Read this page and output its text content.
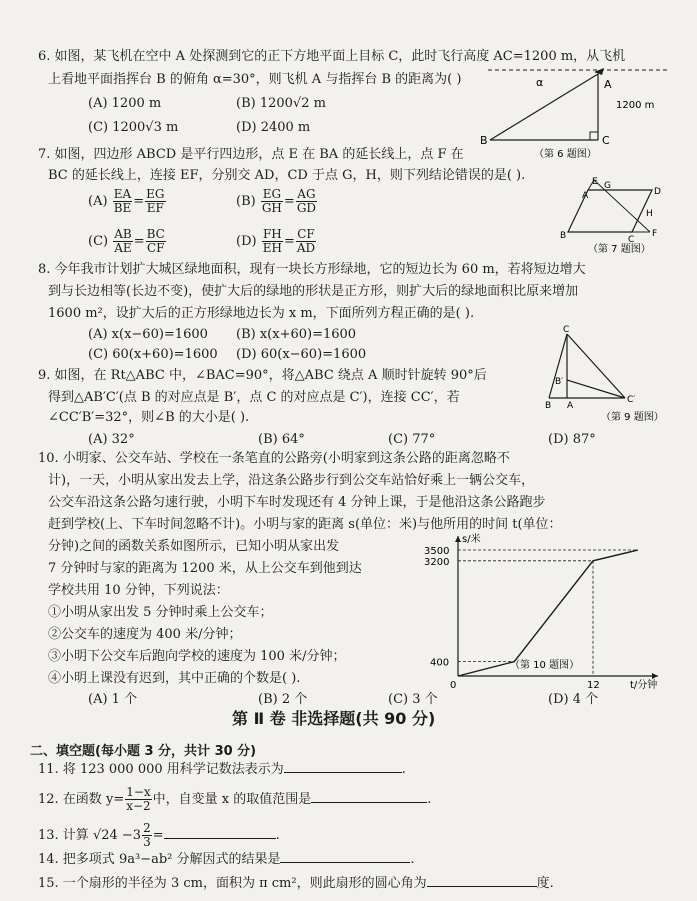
6. 如图，某飞机在空中 A 处探测到它的正下方地平面上目标 C，此时飞行高度 AC=1200 m，从飞机
上看地平面指挥台 B 的俯角 α=30°，则飞机 A 与指挥台 B 的距离为( )
(A) 1200 m	(B) 1200√2 m
(C) 1200√3 m	(D) 2400 m
α	A
B	C
1200 m
（第 6 题图）
7. 如图，四边形 ABCD 是平行四边形，点 E 在 BA 的延长线上，点 F 在
BC 的延长线上，连接 EF，分别交 AD，CD 于点 G，H，则下列结论错误的是( ).
$(A) \frac{EA}{BE} = \frac{EG}{EF}$	$(B) \frac{EG}{GH} = \frac{AG}{GD}$
$(C) \frac{AB}{AE} = \frac{BC}{CF}$	$(D) \frac{FH}{EH} = \frac{CF}{AD}$
E
A	D
G
H
B	C
F
（第 7 题图）
8. 今年我市计划扩大城区绿地面积，现有一块长方形绿地，它的短边长为 60 m，若将短边增大
到与长边相等(长边不变)，使扩大后的绿地的形状是正方形，则扩大后的绿地面积比原来增加
1600 m²，设扩大后的正方形绿地边长为 x m，下面所列方程正确的是( ).
(A) x(x−60)=1600 (B) x(x+60)=1600
(C) 60(x+60)=1600 (D) 60(x−60)=1600
9. 如图，在 Rt△ABC 中，∠BAC=90°，将△ABC 绕点 A 顺时针旋转 90°后
得到△AB′C′(点 B 的对应点是 B′，点 C 的对应点是 C′)，连接 CC′，若
∠CC′B′=32°，则∠B 的大小是( ).
(A) 32°	(B) 64°	(C) 77°	(D) 87°
C
B′
B A
C′
（第 9 题图）
10. 小明家、公交车站、学校在一条笔直的公路旁(小明家到这条公路的距离忽略不
计)，一天，小明从家出发去上学，沿这条公路步行到公交车站恰好乘上一辆公交车，
公交车沿这条公路匀速行驶，小明下车时发现还有 4 分钟上课，于是他沿这条公路跑步
赶到学校(上、下车时间忽略不计)。小明与家的距离 s(单位：米)与他所用的时间 t(单位：
分钟)之间的函数关系如图所示，已知小明从家出发
7 分钟时与家的距离为 1200 米，从上公交车到他到达
学校共用 10 分钟，下列说法：
①小明从家出发 5 分钟时乘上公交车；
②公交车的速度为 400 米/分钟；
③小明下公交车后跑向学校的速度为 100 米/分钟；
④小明上课没有迟到，其中正确的个数是( ).
(A) 1 个	(B) 2 个	(C) 3 个	(D) 4 个
s/米
t/分钟
3500
3200
400
0	12
（第 10 题图）
第 Ⅱ 卷 非选择题(共 90 分)
二、填空题(每小题 3 分，共计 30 分)
11. 将 123 000 000 用科学记数法表示为	.
12. 在函数 $y= \frac{1-x}{x-2}$ 中，自变量 x 的取值范围是	.
13. 计算 $√24 -3 \frac{2}{3}$ =	.
14. 把多项式 9a³−ab² 分解因式的结果是	.
15. 一个扇形的半径为 3 cm，面积为 π cm²，则此扇形的圆心角为	度.
